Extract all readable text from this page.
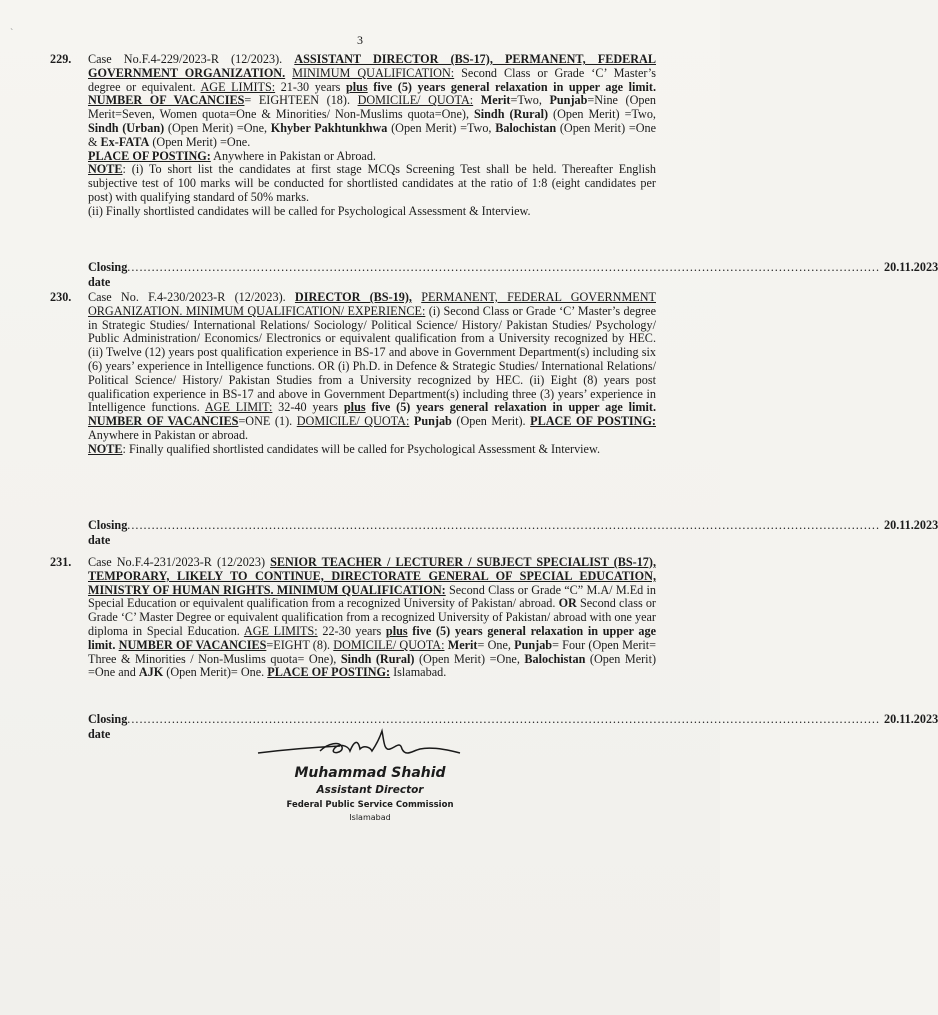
`	3
229. Case No.F.4-229/2023-R (12/2023). ASSISTANT DIRECTOR (BS-17), PERMANENT, FEDERAL GOVERNMENT ORGANIZATION. MINIMUM QUALIFICATION: Second Class or Grade ‘C’ Master’s degree or equivalent. AGE LIMITS: 21-30 years plus five (5) years general relaxation in upper age limit. NUMBER OF VACANCIES= EIGHTEEN (18). DOMICILE/ QUOTA: Merit=Two, Punjab=Nine (Open Merit=Seven, Women quota=One & Minorities/ Non-Muslims quota=One), Sindh (Rural) (Open Merit) =Two, Sindh (Urban) (Open Merit) =One, Khyber Pakhtunkhwa (Open Merit) =Two, Balochistan (Open Merit) =One & Ex-FATA (Open Merit) =One.

PLACE OF POSTING: Anywhere in Pakistan or Abroad.

NOTE: (i) To short list the candidates at first stage MCQs Screening Test shall be held. Thereafter English subjective test of 100 marks will be conducted for shortlisted candidates at the ratio of 1:8 (eight candidates per post) with qualifying standard of 50% marks.

(ii) Finally shortlisted candidates will be called for Psychological Assessment & Interview.

Closing date
.......................................................................................................................................................................................... 20.11.2023
230. Case No. F.4-230/2023-R (12/2023). DIRECTOR (BS-19), PERMANENT, FEDERAL GOVERNMENT ORGANIZATION. MINIMUM QUALIFICATION/ EXPERIENCE: (i) Second Class or Grade ‘C’ Master’s degree in Strategic Studies/ International Relations/ Sociology/ Political Science/ History/ Pakistan Studies/ Psychology/ Public Administration/ Economics/ Electronics or equivalent qualification from a University recognized by HEC. (ii) Twelve (12) years post qualification experience in BS-17 and above in Government Department(s) including six (6) years’ experience in Intelligence functions. OR (i) Ph.D. in Defence & Strategic Studies/ International Relations/ Political Science/ History/ Pakistan Studies from a University recognized by HEC. (ii) Eight (8) years post qualification experience in BS-17 and above in Government Department(s) including three (3) years’ experience in Intelligence functions. AGE LIMIT: 32-40 years plus five (5) years general relaxation in upper age limit. NUMBER OF VACANCIES=ONE (1). DOMICILE/ QUOTA: Punjab (Open Merit). PLACE OF POSTING: Anywhere in Pakistan or abroad.

NOTE: Finally qualified shortlisted candidates will be called for Psychological Assessment & Interview.

Closing date
.......................................................................................................................................................................................... 20.11.2023
231. Case No.F.4-231/2023-R (12/2023) SENIOR TEACHER / LECTURER / SUBJECT SPECIALIST (BS-17), TEMPORARY, LIKELY TO CONTINUE, DIRECTORATE GENERAL OF SPECIAL EDUCATION, MINISTRY OF HUMAN RIGHTS. MINIMUM QUALIFICATION: Second Class or Grade “C” M.A/ M.Ed in Special Education or equivalent qualification from a recognized University of Pakistan/ abroad. OR Second class or Grade ‘C’ Master Degree or equivalent qualification from a recognized University of Pakistan/ abroad with one year diploma in Special Education. AGE LIMITS: 22-30 years plus five (5) years general relaxation in upper age limit. NUMBER OF VACANCIES=EIGHT (8). DOMICILE/ QUOTA: Merit= One, Punjab= Four (Open Merit= Three & Minorities / Non-Muslims quota= One), Sindh (Rural) (Open Merit) =One, Balochistan (Open Merit) =One and AJK (Open Merit)= One. PLACE OF POSTING: Islamabad.

Closing date
.......................................................................................................................................................................................... 20.11.2023
Muhammad Shahid
Assistant Director
Federal Public Service Commission
Islamabad
